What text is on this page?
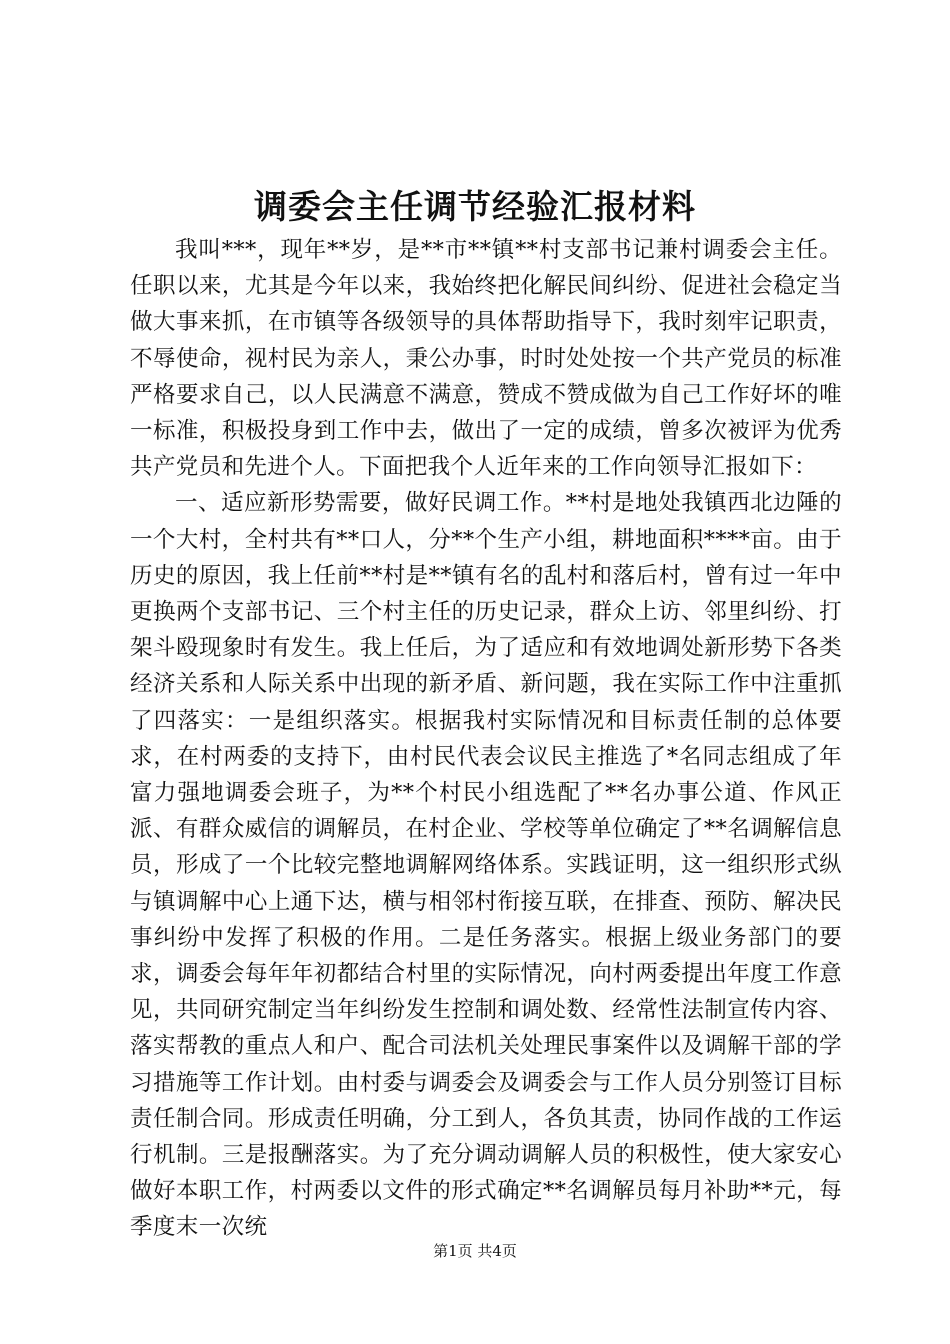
调委会主任调节经验汇报材料

我叫***，现年**岁，是**市**镇**村支部书记兼村调委会主任。任职以来，尤其是今年以来，我始终把化解民间纠纷、促进社会稳定当做大事来抓，在市镇等各级领导的具体帮助指导下，我时刻牢记职责，不辱使命，视村民为亲人，秉公办事，时时处处按一个共产党员的标准严格要求自己，以人民满意不满意，赞成不赞成做为自己工作好坏的唯一标准，积极投身到工作中去，做出了一定的成绩，曾多次被评为优秀共产党员和先进个人。下面把我个人近年来的工作向领导汇报如下：

一、适应新形势需要，做好民调工作。**村是地处我镇西北边陲的一个大村，全村共有**口人，分**个生产小组，耕地面积****亩。由于历史的原因，我上任前**村是**镇有名的乱村和落后村，曾有过一年中更换两个支部书记、三个村主任的历史记录，群众上访、邻里纠纷、打架斗殴现象时有发生。我上任后，为了适应和有效地调处新形势下各类经济关系和人际关系中出现的新矛盾、新问题，我在实际工作中注重抓了四落实：一是组织落实。根据我村实际情况和目标责任制的总体要求，在村两委的支持下，由村民代表会议民主推选了*名同志组成了年富力强地调委会班子，为**个村民小组选配了**名办事公道、作风正派、有群众威信的调解员，在村企业、学校等单位确定了**名调解信息员，形成了一个比较完整地调解网络体系。实践证明，这一组织形式纵与镇调解中心上通下达，横与相邻村衔接互联，在排查、预防、解决民事纠纷中发挥了积极的作用。二是任务落实。根据上级业务部门的要求，调委会每年年初都结合村里的实际情况，向村两委提出年度工作意见，共同研究制定当年纠纷发生控制和调处数、经常性法制宣传内容、落实帮教的重点人和户、配合司法机关处理民事案件以及调解干部的学习措施等工作计划。由村委与调委会及调委会与工作人员分别签订目标责任制合同。形成责任明确，分工到人，各负其责，协同作战的工作运行机制。三是报酬落实。为了充分调动调解人员的积极性，使大家安心做好本职工作，村两委以文件的形式确定**名调解员每月补助**元，每季度末一次统

第1页 共4页
